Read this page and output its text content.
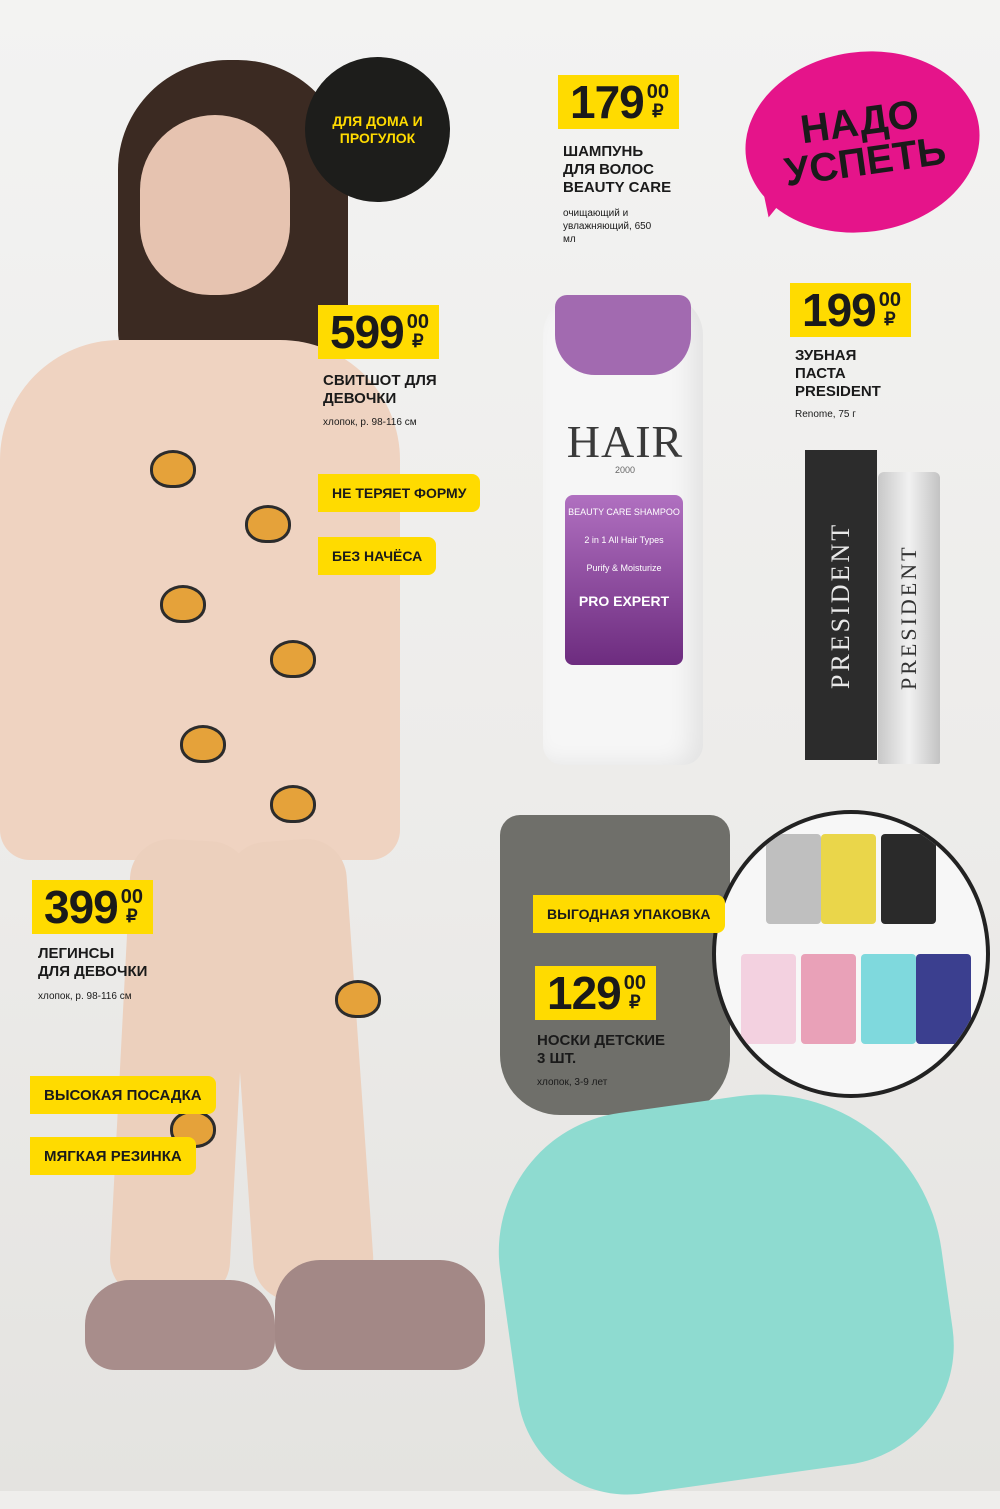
HAIR
2000
BEAUTY CARE SHAMPOO
2 in 1 All Hair Types
Purify & Moisturize
PRO EXPERT	PRESIDENT PRESIDENT
ДЛЯ ДОМА И ПРОГУЛОК	НАДО УСПЕТЬ
599 00
₽
СВИТШОТ ДЛЯ ДЕВОЧКИ
хлопок, р. 98-116 см
НЕ ТЕРЯЕТ ФОРМУ
БЕЗ НАЧЁСА
179 00
₽
ШАМПУНЬ ДЛЯ ВОЛОС BEAUTY CARE
очищающий и увлажняющий, 650 мл
199 00
₽
ЗУБНАЯ ПАСТА PRESIDENT
Renome, 75 г
399 00
₽
ЛЕГИНСЫ ДЛЯ ДЕВОЧКИ
хлопок, р. 98-116 см
ВЫСОКАЯ ПОСАДКА
МЯГКАЯ РЕЗИНКА
ВЫГОДНАЯ УПАКОВКА
129 00
₽
НОСКИ ДЕТСКИЕ 3 ШТ.
хлопок, 3-9 лет
